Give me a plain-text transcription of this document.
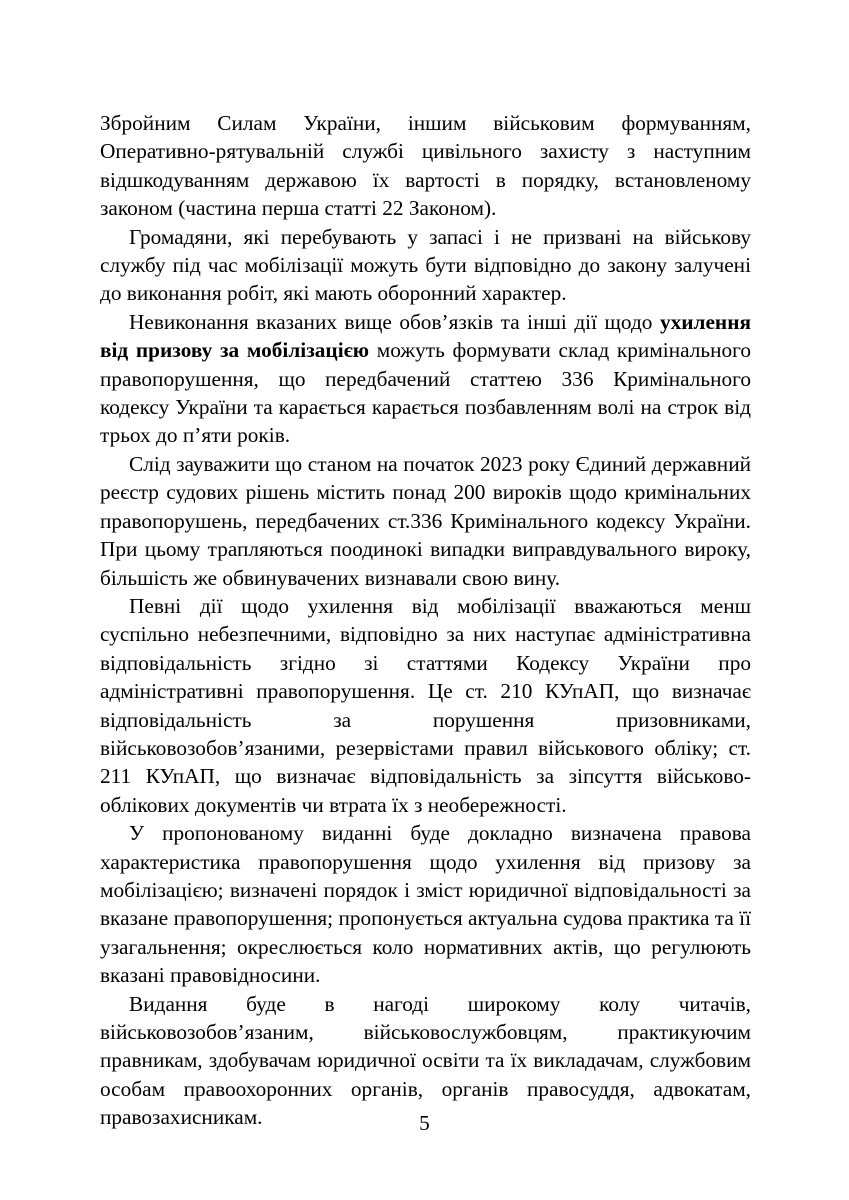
Збройним Силам України, іншим військовим формуванням, Оперативно-рятувальній службі цивільного захисту з наступним відшкодуванням державою їх вартості в порядку, встановленому законом (частина перша статті 22 Законом).

Громадяни, які перебувають у запасі і не призвані на військову службу під час мобілізації можуть бути відповідно до закону залучені до виконання робіт, які мають оборонний характер.

Невиконання вказаних вище обов’язків та інші дії щодо ухилення від призову за мобілізацією можуть формувати склад кримінального правопорушення, що передбачений статтею 336 Кримінального кодексу України та карається карається позбавленням волі на строк від трьох до п’яти років.

Слід зауважити що станом на початок 2023 року Єдиний державний реєстр судових рішень містить понад 200 вироків щодо кримінальних правопорушень, передбачених ст.336 Кримінального кодексу України. При цьому трапляються поодинокі випадки виправдувального вироку, більшість же обвинувачених визнавали свою вину.

Певні дії щодо ухилення від мобілізації вважаються менш суспільно небезпечними, відповідно за них наступає адміністративна відповідальність згідно зі статтями Кодексу України про адміністративні правопорушення. Це ст. 210 КУпАП, що визначає відповідальність за порушення призовниками, військовозобов’язаними, резервістами правил військового обліку; ст. 211 КУпАП, що визначає відповідальність за зіпсуття військово-облікових документів чи втрата їх з необережності.

У пропонованому виданні буде докладно визначена правова характеристика правопорушення щодо ухилення від призову за мобілізацією; визначені порядок і зміст юридичної відповідальності за вказане правопорушення; пропонується актуальна судова практика та її узагальнення; окреслюється коло нормативних актів, що регулюють вказані правовідносини.

Видання буде в нагоді широкому колу читачів, військовозобов’язаним, військовослужбовцям, практикуючим правникам, здобувачам юридичної освіти та їх викладачам, службовим особам правоохоронних органів, органів правосуддя, адвокатам, правозахисникам.	5
